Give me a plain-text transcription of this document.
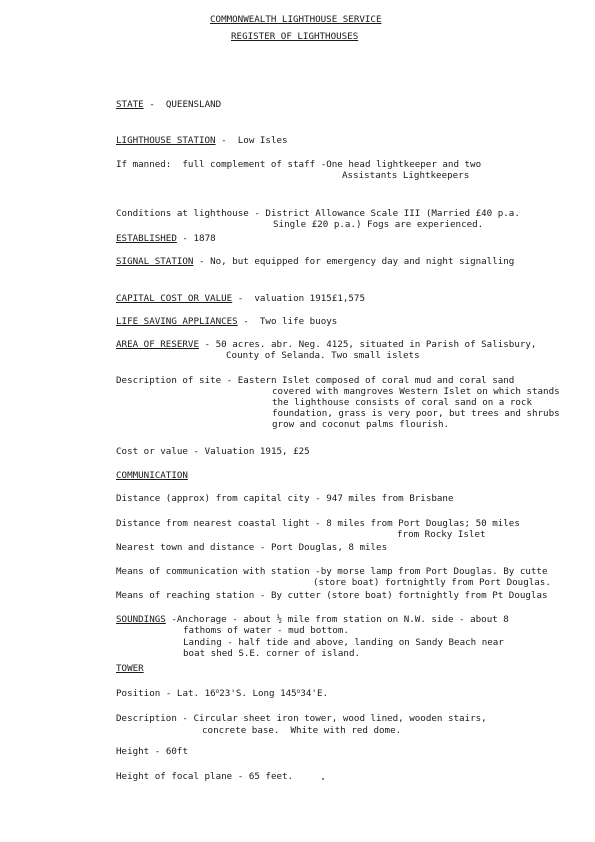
COMMONWEALTH LIGHTHOUSE SERVICE
REGISTER OF LIGHTHOUSES
STATE - QUEENSLAND
LIGHTHOUSE STATION - Low Isles
If manned:  full complement of staff -One head lightkeeper and two
Assistants Lightkeepers
Conditions at lighthouse - District Allowance Scale III (Married £40 p.a.
Single £20 p.a.) Fogs are experienced.
ESTABLISHED - 1878
SIGNAL STATION - No, but equipped for emergency day and night signalling
CAPITAL COST OR VALUE - valuation 1915£1,575
LIFE SAVING APPLIANCES - Two life buoys
AREA OF RESERVE - 50 acres. abr. Neg. 4125, situated in Parish of Salisbury,
County of Selanda. Two small islets
Description of site - Eastern Islet composed of coral mud and coral sand
covered with mangroves Western Islet on which stands
the lighthouse consists of coral sand on a rock
foundation, grass is very poor, but trees and shrubs
grow and coconut palms flourish.
Cost or value - Valuation 1915, £25
COMMUNICATION
Distance (approx) from capital city - 947 miles from Brisbane
Distance from nearest coastal light - 8 miles from Port Douglas; 50 miles
from Rocky Islet
Nearest town and distance - Port Douglas, 8 miles
Means of communication with station -by morse lamp from Port Douglas. By cutte
(store boat) fortnightly from Port Douglas.
Means of reaching station - By cutter (store boat) fortnightly from Pt Douglas
SOUNDINGS -Anchorage - about ½ mile from station on N.W. side - about 8
fathoms of water - mud bottom.
Landing - half tide and above, landing on Sandy Beach near
boat shed S.E. corner of island.
TOWER
Position - Lat. 16$^o$23'S. Long 145$^o$34'E.
Description - Circular sheet iron tower, wood lined, wooden stairs,
concrete base.  White with red dome.
Height - 60ft
Height of focal plane - 65 feet.
